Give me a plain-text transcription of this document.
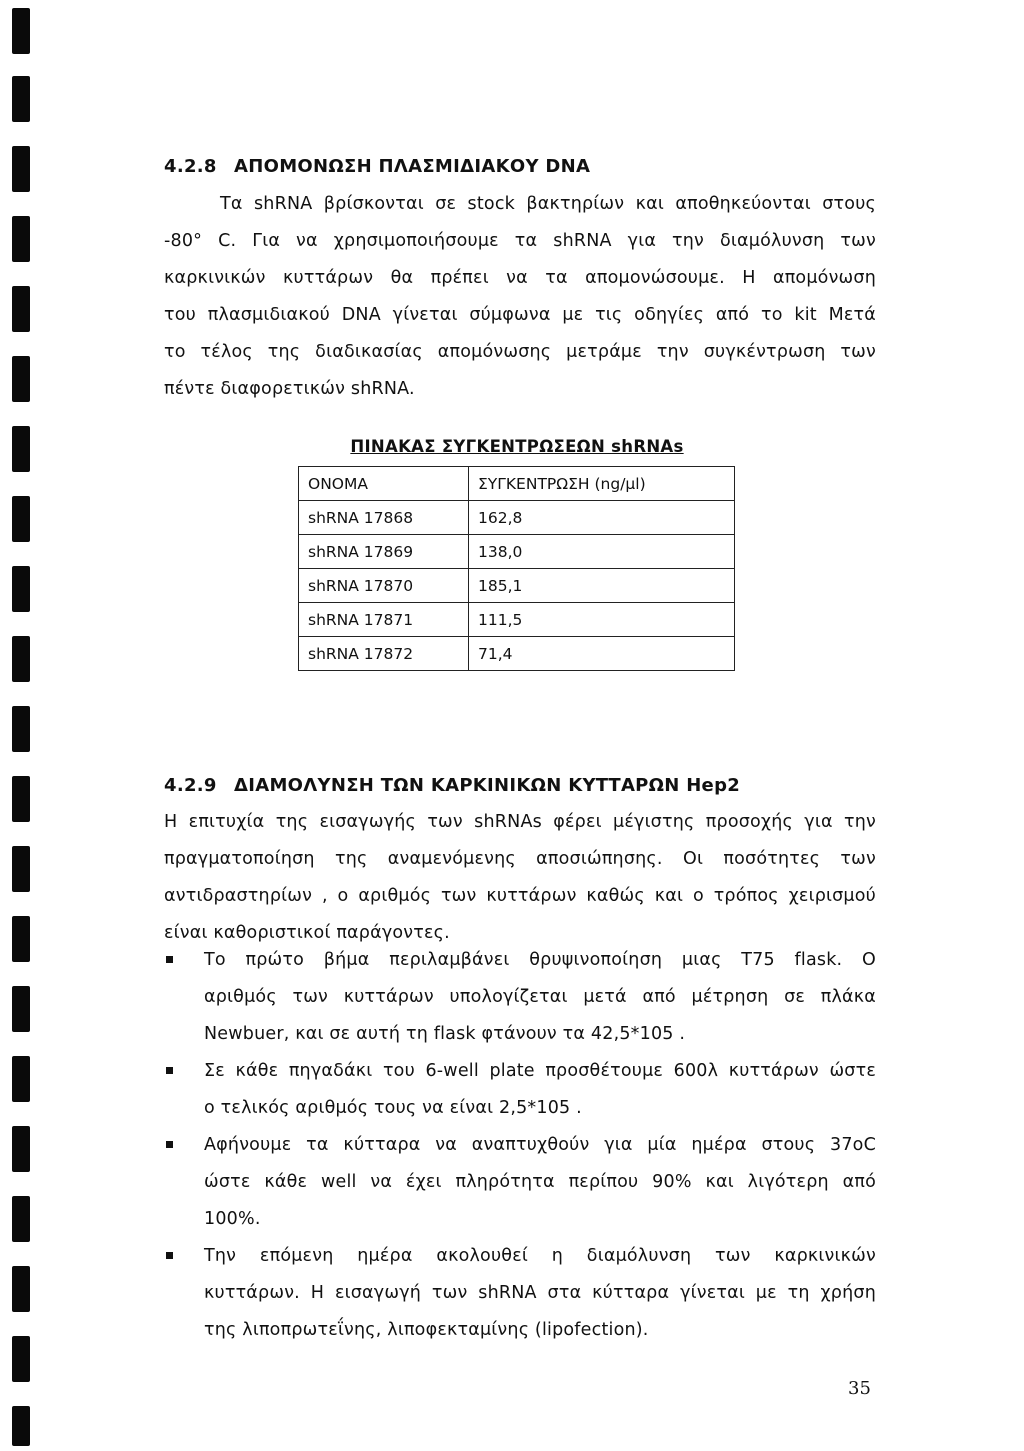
4.2.8 ΑΠΟΜΟΝΩΣΗ ΠΛΑΣΜΙΔΙΑΚΟΥ DNA
Τα shRNA βρίσκονται σε stock βακτηρίων και αποθηκεύονται στους
-80° C. Για να χρησιμοποιήσουμε τα shRNA για την διαμόλυνση των
καρκινικών κυττάρων θα πρέπει να τα απομονώσουμε. Η απομόνωση
του πλασμιδιακού DNA γίνεται σύμφωνα με τις οδηγίες από το kit Μετά
το τέλος της διαδικασίας απομόνωσης μετράμε την συγκέντρωση των
πέντε διαφορετικών shRNA.
ΠΙΝΑΚΑΣ ΣΥΓΚΕΝΤΡΩΣΕΩΝ shRNAs
ΟΝΟΜΑ	ΣΥΓΚΕΝΤΡΩΣΗ (ng/μl)
shRNA 17868	162,8
shRNA 17869	138,0
shRNA 17870	185,1
shRNA 17871	111,5
shRNA 17872	71,4
4.2.9 ΔΙΑΜΟΛΥΝΣΗ ΤΩΝ ΚΑΡΚΙΝΙΚΩΝ ΚΥΤΤΑΡΩΝ Hep2
Η επιτυχία της εισαγωγής των shRNAs φέρει μέγιστης προσοχής για την
πραγματοποίηση της αναμενόμενης αποσιώπησης. Οι ποσότητες των
αντιδραστηρίων , ο αριθμός των κυττάρων καθώς και ο τρόπος χειρισμού
είναι καθοριστικοί παράγοντες.
Το πρώτο βήμα περιλαμβάνει θρυψινοποίηση μιας Τ75 flask. Ο
αριθμός των κυττάρων υπολογίζεται μετά από μέτρηση σε πλάκα
Newbuer, και σε αυτή τη flask φτάνουν τα 42,5*105 .
Σε κάθε πηγαδάκι του 6-well plate προσθέτουμε 600λ κυττάρων ώστε
ο τελικός αριθμός τους να είναι 2,5*105 .
Αφήνουμε τα κύτταρα να αναπτυχθούν για μία ημέρα στους 37oC
ώστε κάθε well να έχει πληρότητα περίπου 90% και λιγότερη από
100%.
Την επόμενη ημέρα ακολουθεί η διαμόλυνση των καρκινικών
κυττάρων. Η εισαγωγή των shRNA στα κύτταρα γίνεται με τη χρήση
της λιποπρωτεΐνης, λιποφεκταμίνης (lipofection).
35
